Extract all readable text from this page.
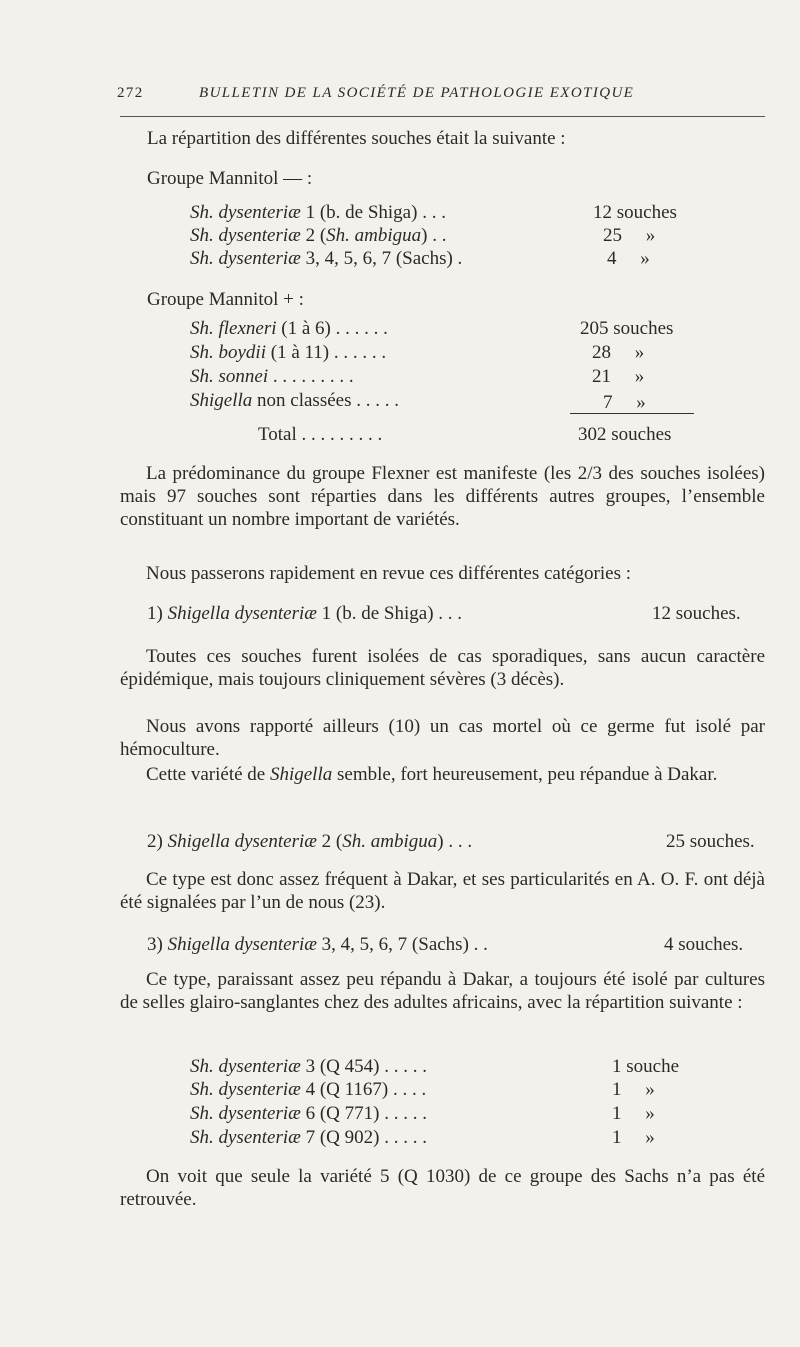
272	BULLETIN DE LA SOCIÉTÉ DE PATHOLOGIE EXOTIQUE
La répartition des différentes souches était la suivante :
Groupe Mannitol — :
Sh. dysenteriæ 1 (b. de Shiga) . . .	12 souches
Sh. dysenteriæ 2 (Sh. ambigua) . .	25     »
Sh. dysenteriæ 3, 4, 5, 6, 7 (Sachs) .	4     »
Groupe Mannitol + :
Sh. flexneri (1 à 6) . . . . . .	205 souches
Sh. boydii (1 à 11) . . . . . .	28     »
Sh. sonnei . . . . . . . . .	21     »
Shigella non classées . . . . .	7     »
Total . . . . . . . . .	302 souches
La prédominance du groupe Flexner est manifeste (les 2/3 des souches isolées) mais 97 souches sont réparties dans les différents autres groupes, l’ensemble constituant un nombre important de variétés.
Nous passerons rapidement en revue ces différentes catégories :
1) Shigella dysenteriæ 1 (b. de Shiga) . . .	12 souches.
Toutes ces souches furent isolées de cas sporadiques, sans aucun caractère épidémique, mais toujours cliniquement sévères (3 décès).
Nous avons rapporté ailleurs (10) un cas mortel où ce germe fut isolé par hémoculture.
Cette variété de Shigella semble, fort heureusement, peu répandue à Dakar.
2) Shigella dysenteriæ 2 (Sh. ambigua) . . .	25 souches.
Ce type est donc assez fréquent à Dakar, et ses particularités en A. O. F. ont déjà été signalées par l’un de nous (23).
3) Shigella dysenteriæ 3, 4, 5, 6, 7 (Sachs) . .	4 souches.
Ce type, paraissant assez peu répandu à Dakar, a toujours été isolé par cultures de selles glairo-sanglantes chez des adultes africains, avec la répartition suivante :
Sh. dysenteriæ 3 (Q 454) . . . . .	1 souche
Sh. dysenteriæ 4 (Q 1167) . . . .	1     »
Sh. dysenteriæ 6 (Q 771) . . . . .	1     »
Sh. dysenteriæ 7 (Q 902) . . . . .	1     »
On voit que seule la variété 5 (Q 1030) de ce groupe des Sachs n’a pas été retrouvée.
